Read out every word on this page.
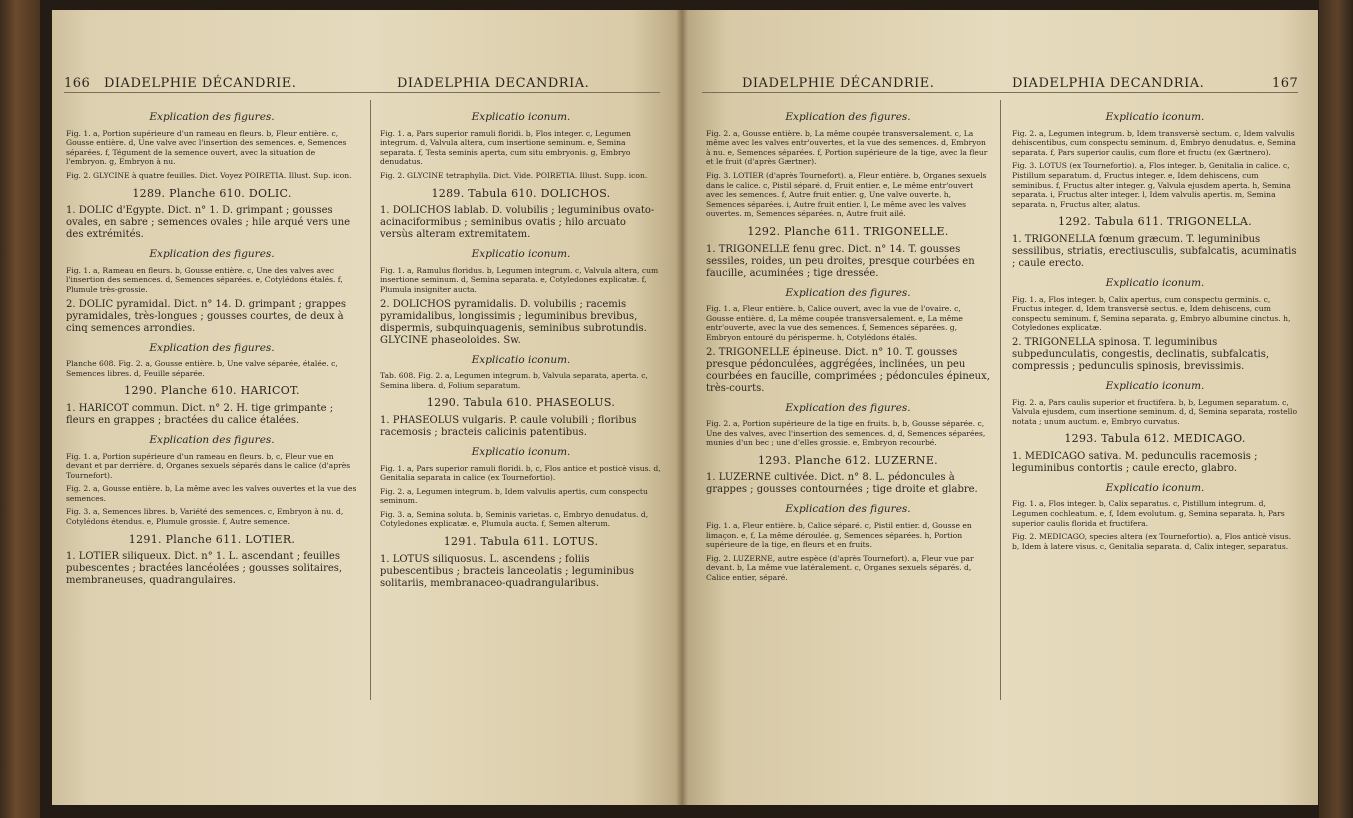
166 DIADELPHIE DÉCANDRIE.	DIADELPHIA DECANDRIA.

Explication des figures.

Fig. 1. a, Portion supérieure d'un rameau en fleurs. b, Fleur entière. c, Gousse entière. d, Une valve avec l'insertion des semences. e, Semences séparées. f, Tégument de la semence ouvert, avec la situation de l'embryon. g, Embryon à nu.

Fig. 2. GLYCINE à quatre feuilles. Dict. Voyez POIRETIA. Illust. Sup. icon.

1289. Planche 610. DOLIC.

1. DOLIC d'Egypte. Dict. n° 1. D. grimpant ; gousses ovales, en sabre ; semences ovales ; hile arqué vers une des extrémités.

Explication des figures.

Fig. 1. a, Rameau en fleurs. b, Gousse entière. c, Une des valves avec l'insertion des semences. d, Semences séparées. e, Cotylédons étalés. f, Plumule très-grossie.

2. DOLIC pyramidal. Dict. n° 14. D. grimpant ; grappes pyramidales, très-longues ; gousses courtes, de deux à cinq semences arrondies.

Explication des figures.

Planche 608. Fig. 2. a, Gousse entière. b, Une valve séparée, étalée. c, Semences libres. d, Feuille séparée.

1290. Planche 610. HARICOT.

1. HARICOT commun. Dict. n° 2. H. tige grimpante ; fleurs en grappes ; bractées du calice étalées.

Explication des figures.

Fig. 1. a, Portion supérieure d'un rameau en fleurs. b, c, Fleur vue en devant et par derrière. d, Organes sexuels séparés dans le calice (d'après Tournefort).

Fig. 2. a, Gousse entière. b, La même avec les valves ouvertes et la vue des semences.

Fig. 3. a, Semences libres. b, Variété des semences. c, Embryon à nu. d, Cotylédons étendus. e, Plumule grossie. f, Autre semence.

1291. Planche 611. LOTIER.

1. LOTIER siliqueux. Dict. n° 1. L. ascendant ; feuilles pubescentes ; bractées lancéolées ; gousses solitaires, membraneuses, quadrangulaires.

Explicatio iconum.

Fig. 1. a, Pars superior ramuli floridi. b, Flos integer. c, Legumen integrum. d, Valvula altera, cum insertione seminum. e, Semina separata. f, Testa seminis aperta, cum situ embryonis. g, Embryo denudatus.

Fig. 2. GLYCINE tetraphylla. Dict. Vide. POIRETIA. Illust. Supp. icon.

1289. Tabula 610. DOLICHOS.

1. DOLICHOS lablab. D. volubilis ; leguminibus ovato-acinaciformibus ; seminibus ovatis ; hilo arcuato versùs alteram extremitatem.

Explicatio iconum.

Fig. 1. a, Ramulus floridus. b, Legumen integrum. c, Valvula altera, cum insertione seminum. d, Semina separata. e, Cotyledones explicatæ. f, Plumula insigniter aucta.

2. DOLICHOS pyramidalis. D. volubilis ; racemis pyramidalibus, longissimis ; leguminibus brevibus, dispermis, subquinquagenis, seminibus subrotundis. GLYCINE phaseoloides. Sw.

Explicatio iconum.

Tab. 608. Fig. 2. a, Legumen integrum. b, Valvula separata, aperta. c, Semina libera. d, Folium separatum.

1290. Tabula 610. PHASEOLUS.

1. PHASEOLUS vulgaris. P. caule volubili ; floribus racemosis ; bracteis calicinis patentibus.

Explicatio iconum.

Fig. 1. a, Pars superior ramuli floridi. b, c, Flos antice et posticè visus. d, Genitalia separata in calice (ex Tournefortio).

Fig. 2. a, Legumen integrum. b, Idem valvulis apertis, cum conspectu seminum.

Fig. 3. a, Semina soluta. b, Seminis varietas. c, Embryo denudatus. d, Cotyledones explicatæ. e, Plumula aucta. f, Semen alterum.

1291. Tabula 611. LOTUS.

1. LOTUS siliquosus. L. ascendens ; foliis pubescentibus ; bracteis lanceolatis ; leguminibus solitariis, membranaceo-quadrangularibus.

DIADELPHIE DÉCANDRIE.	DIADELPHIA DECANDRIA.	167

Explication des figures.

Fig. 2. a, Gousse entière. b, La même coupée transversalement. c, La même avec les valves entr'ouvertes, et la vue des semences. d, Embryon à nu. e, Semences séparées. f, Portion supérieure de la tige, avec la fleur et le fruit (d'après Gærtner).

Fig. 3. LOTIER (d'après Tournefort). a, Fleur entière. b, Organes sexuels dans le calice. c, Pistil séparé. d, Fruit entier. e, Le même entr'ouvert avec les semences. f, Autre fruit entier. g, Une valve ouverte. h, Semences séparées. i, Autre fruit entier. l, Le même avec les valves ouvertes. m, Semences séparées. n, Autre fruit ailé.

1292. Planche 611. TRIGONELLE.

1. TRIGONELLE fenu grec. Dict. n° 14. T. gousses sessiles, roides, un peu droites, presque courbées en faucille, acuminées ; tige dressée.

Explication des figures.

Fig. 1. a, Fleur entière. b, Calice ouvert, avec la vue de l'ovaire. c, Gousse entière. d, La même coupée transversalement. e, La même entr'ouverte, avec la vue des semences. f, Semences séparées. g, Embryon entouré du périsperme. h, Cotylédons étalés.

2. TRIGONELLE épineuse. Dict. n° 10. T. gousses presque pédonculées, aggrégées, inclinées, un peu courbées en faucille, comprimées ; pédoncules épineux, très-courts.

Explication des figures.

Fig. 2. a, Portion supérieure de la tige en fruits. b, b, Gousse séparée. c, Une des valves, avec l'insertion des semences. d, d, Semences séparées, munies d'un bec ; une d'elles grossie. e, Embryon recourbé.

1293. Planche 612. LUZERNE.

1. LUZERNE cultivée. Dict. n° 8. L. pédoncules à grappes ; gousses contournées ; tige droite et glabre.

Explication des figures.

Fig. 1. a, Fleur entière. b, Calice séparé. c, Pistil entier. d, Gousse en limaçon. e, f, La même déroulée. g, Semences séparées. h, Portion supérieure de la tige, en fleurs et en fruits.

Fig. 2. LUZERNE, autre espèce (d'après Tournefort). a, Fleur vue par devant. b, La même vue latéralement. c, Organes sexuels séparés. d, Calice entier, séparé.

Explicatio iconum.

Fig. 2. a, Legumen integrum. b, Idem transversè sectum. c, Idem valvulis dehiscentibus, cum conspectu seminum. d, Embryo denudatus. e, Semina separata. f, Pars superior caulis, cum flore et fructu (ex Gærtnero).

Fig. 3. LOTUS (ex Tournefortio). a, Flos integer. b, Genitalia in calice. c, Pistillum separatum. d, Fructus integer. e, Idem dehiscens, cum seminibus. f, Fructus alter integer. g, Valvula ejusdem aperta. h, Semina separata. i, Fructus alter integer. l, Idem valvulis apertis. m, Semina separata. n, Fructus alter, alatus.

1292. Tabula 611. TRIGONELLA.

1. TRIGONELLA fœnum græcum. T. leguminibus sessilibus, striatis, erectiusculis, subfalcatis, acuminatis ; caule erecto.

Explicatio iconum.

Fig. 1. a, Flos integer. b, Calix apertus, cum conspectu germinis. c, Fructus integer. d, Idem transversè sectus. e, Idem dehiscens, cum conspectu seminum. f, Semina separata. g, Embryo albumine cinctus. h, Cotyledones explicatæ.

2. TRIGONELLA spinosa. T. leguminibus subpedunculatis, congestis, declinatis, subfalcatis, compressis ; pedunculis spinosis, brevissimis.

Explicatio iconum.

Fig. 2. a, Pars caulis superior et fructifera. b, b, Legumen separatum. c, Valvula ejusdem, cum insertione seminum. d, d, Semina separata, rostello notata ; unum auctum. e, Embryo curvatus.

1293. Tabula 612. MEDICAGO.

1. MEDICAGO sativa. M. pedunculis racemosis ; leguminibus contortis ; caule erecto, glabro.

Explicatio iconum.

Fig. 1. a, Flos integer. b, Calix separatus. c, Pistillum integrum. d, Legumen cochleatum. e, f, Idem evolutum. g, Semina separata. h, Pars superior caulis florida et fructifera.

Fig. 2. MEDICAGO, species altera (ex Tournefortio). a, Flos anticè visus. b, Idem à latere visus. c, Genitalia separata. d, Calix integer, separatus.
